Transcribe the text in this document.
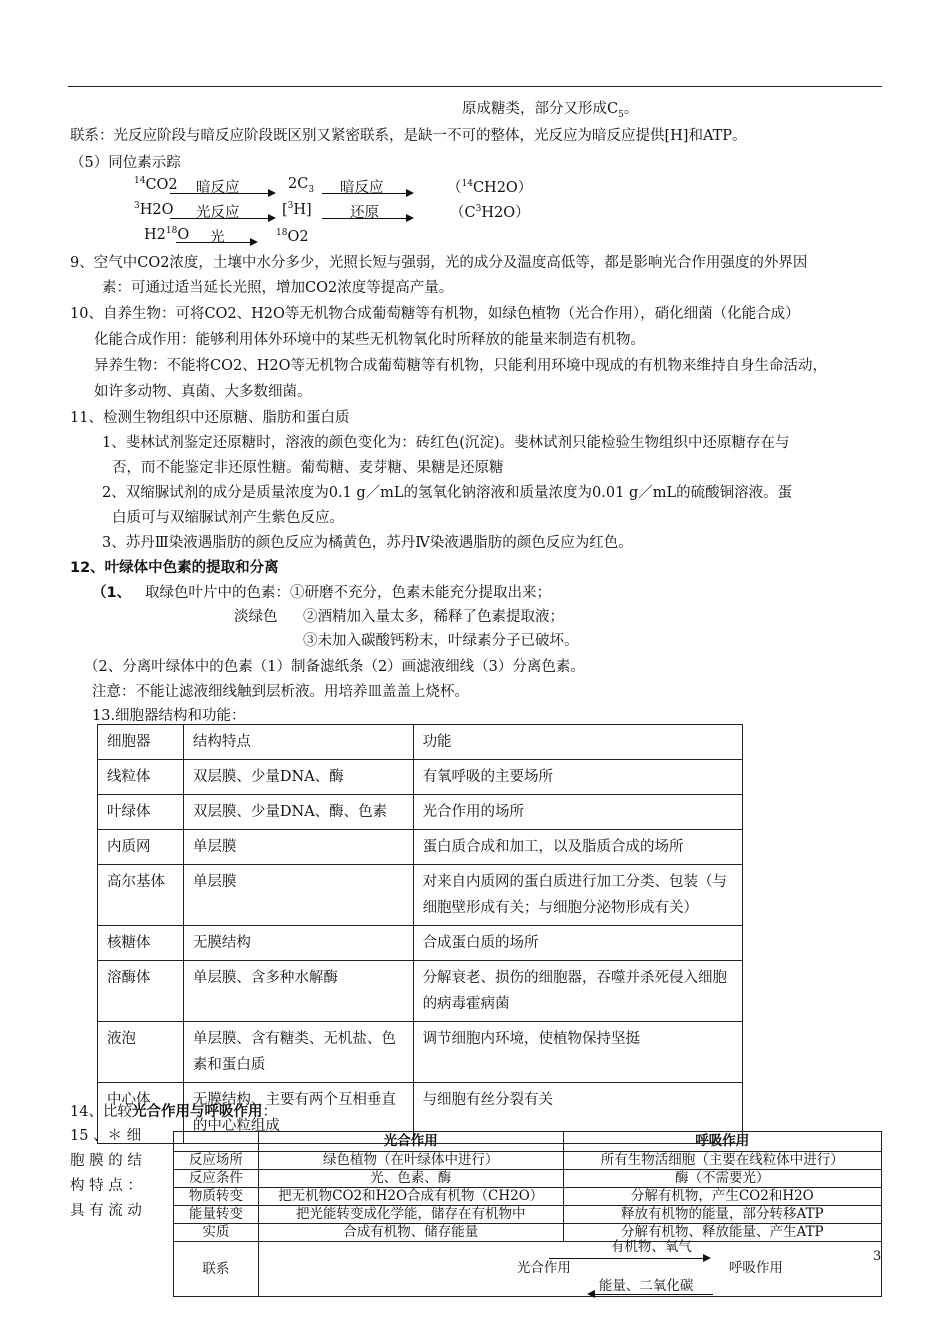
原成糖类，部分又形成$C_5$。
联系：光反应阶段与暗反应阶段既区别又紧密联系，是缺一不可的整体，光反应为暗反应提供[H]和ATP。
（5）同位素示踪
$^{14}$CO2 暗反应	$2C_3$ 暗反应	（$^{14}$CH2O）
$^3$H2O 光反应	[$^3$H]	还原	$(C^3H2O)$
$H2^{18}O$ 光	$^{18}$O2
9、空气中CO2浓度，土壤中水分多少，光照长短与强弱，光的成分及温度高低等，都是影响光合作用强度的外界因
素：可通过适当延长光照，增加CO2浓度等提高产量。
10、自养生物：可将CO2、H2O等无机物合成葡萄糖等有机物，如绿色植物（光合作用），硝化细菌（化能合成）
化能合成作用：能够利用体外环境中的某些无机物氧化时所释放的能量来制造有机物。
异养生物：不能将CO2、H2O等无机物合成葡萄糖等有机物，只能利用环境中现成的有机物来维持自身生命活动，
如许多动物、真菌、大多数细菌。
11、检测生物组织中还原糖、脂肪和蛋白质
1、斐林试剂鉴定还原糖时，溶液的颜色变化为：砖红色(沉淀)。斐林试剂只能检验生物组织中还原糖存在与
否，而不能鉴定非还原性糖。葡萄糖、麦芽糖、果糖是还原糖
2、双缩脲试剂的成分是质量浓度为0.1 g／mL的氢氧化钠溶液和质量浓度为0.01 g／mL的硫酸铜溶液。蛋
白质可与双缩脲试剂产生紫色反应。
3、苏丹Ⅲ染液遇脂肪的颜色反应为橘黄色，苏丹Ⅳ染液遇脂肪的颜色反应为红色。
12、叶绿体中色素的提取和分离
（1、 取绿色叶片中的色素：①研磨不充分，色素未能充分提取出来；
淡绿色 ②酒精加入量太多，稀释了色素提取液；
③未加入碳酸钙粉末，叶绿素分子已破坏。
（2、分离叶绿体中的色素（1）制备滤纸条（2）画滤液细线（3）分离色素。
注意：不能让滤液细线触到层析液。用培养皿盖盖上烧杯。
13.细胞器结构和功能：
细胞器	结构特点	功能
线粒体	双层膜、少量DNA、酶	有氧呼吸的主要场所
叶绿体	双层膜、少量DNA、酶、色素	光合作用的场所
内质网	单层膜	蛋白质合成和加工，以及脂质合成的场所
高尔基体	单层膜	对来自内质网的蛋白质进行加工分类、包装（与细胞壁形成有关；与细胞分泌物形成有关）
核糖体	无膜结构	合成蛋白质的场所
溶酶体	单层膜、含多种水解酶	分解衰老、损伤的细胞器，吞噬并杀死侵入细胞的病毒霍病菌
液泡	单层膜、含有糖类、无机盐、色素和蛋白质	调节细胞内环境，使植物保持坚挺
中心体	无膜结构、主要有两个互相垂直的中心粒组成	与细胞有丝分裂有关
14、比较光合作用与呼吸作用：
15 、＊ 细
胞 膜 的 结
构 特 点 ：
具 有 流 动
	光合作用	呼吸作用
反应场所	绿色植物（在叶绿体中进行）	所有生物活细胞（主要在线粒体中进行）
反应条件	光、色素、酶	酶（不需要光）
物质转变	把无机物CO2和H2O合成有机物（CH2O）	分解有机物，产生CO2和H2O
能量转变	把光能转变成化学能，储存在有机物中	释放有机物的能量，部分转移ATP
实质	合成有机物、储存能量	分解有机物、释放能量、产生ATP
联系	有机物、氧气
光合作用 呼吸作用
能量、二氧化碳	
3
